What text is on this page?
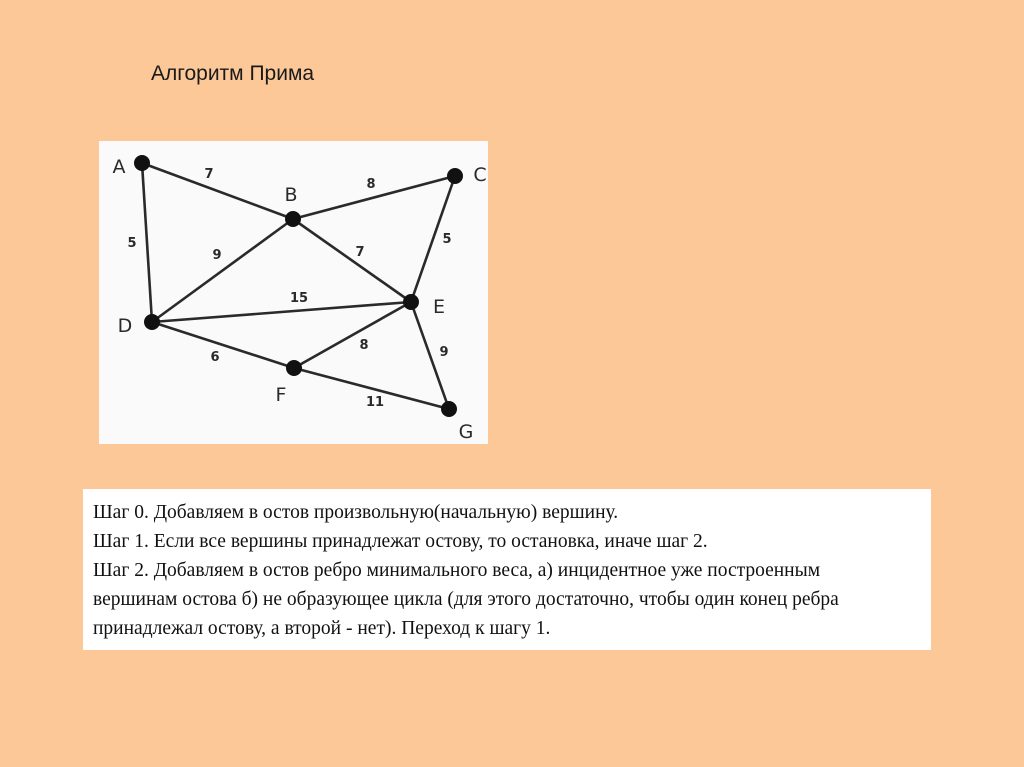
Алгоритм Прима
7
8
5
9	7
5
15
6
8	9
11
A
B
C
D
E
F
G
Шаг 0. Добавляем в остов произвольную(начальную) вершину.
Шаг 1. Если все вершины принадлежат остову, то остановка, иначе шаг 2.
Шаг 2. Добавляем в остов ребро минимального веса, а) инцидентное уже построенным
вершинам остова б) не образующее цикла (для этого достаточно, чтобы один конец ребра
принадлежал остову, а второй - нет). Переход к шагу 1.
